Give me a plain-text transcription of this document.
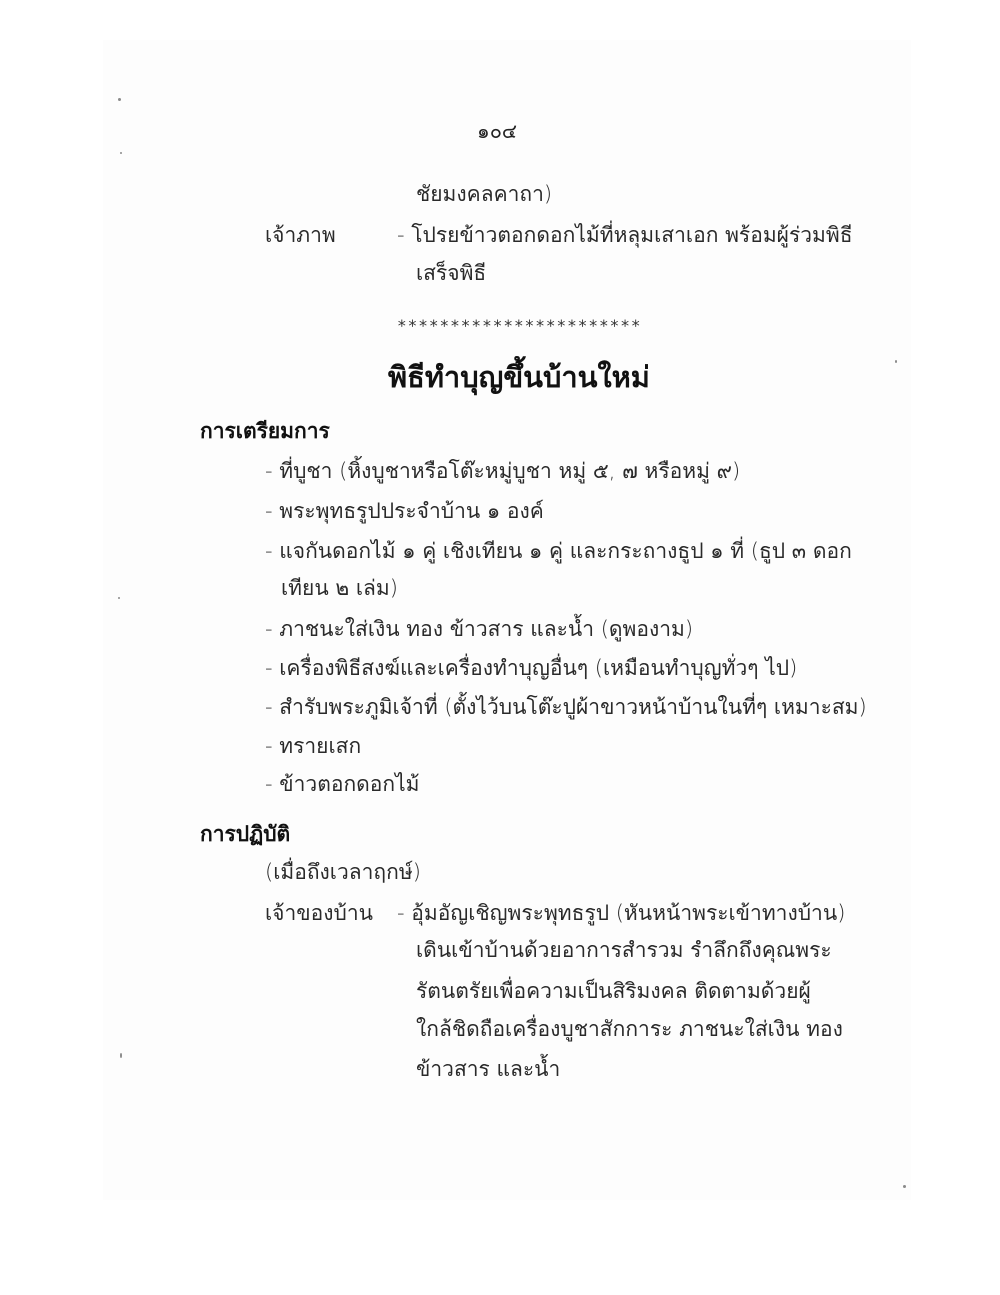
๑๐๔
ชัยมงคลคาถา)
เจ้าภาพ	- โปรยข้าวตอกดอกไม้ที่หลุมเสาเอก พร้อมผู้ร่วมพิธี
เสร็จพิธี
***********************
พิธีทำบุญขึ้นบ้านใหม่
การเตรียมการ
- ที่บูชา (หิ้งบูชาหรือโต๊ะหมู่บูชา หมู่ ๕, ๗ หรือหมู่ ๙)
- พระพุทธรูปประจำบ้าน ๑ องค์
- แจกันดอกไม้ ๑ คู่ เชิงเทียน ๑ คู่ และกระถางธูป ๑ ที่ (ธูป ๓ ดอก
เทียน ๒ เล่ม)
- ภาชนะใส่เงิน ทอง ข้าวสาร และน้ำ (ดูพองาม)
- เครื่องพิธีสงฆ์และเครื่องทำบุญอื่นๆ (เหมือนทำบุญทั่วๆ ไป)
- สำรับพระภูมิเจ้าที่ (ตั้งไว้บนโต๊ะปูผ้าขาวหน้าบ้านในที่ๆ เหมาะสม)
- ทรายเสก
- ข้าวตอกดอกไม้
การปฏิบัติ
(เมื่อถึงเวลาฤกษ์)
เจ้าของบ้าน - อุ้มอัญเชิญพระพุทธรูป (หันหน้าพระเข้าทางบ้าน)
เดินเข้าบ้านด้วยอาการสำรวม รำลึกถึงคุณพระ
รัตนตรัยเพื่อความเป็นสิริมงคล ติดตามด้วยผู้
ใกล้ชิดถือเครื่องบูชาสักการะ ภาชนะใส่เงิน ทอง
ข้าวสาร และน้ำ
